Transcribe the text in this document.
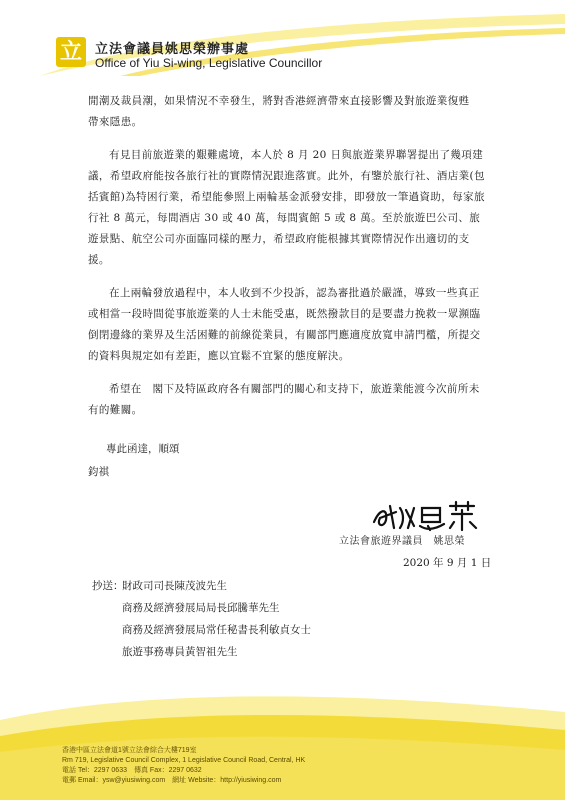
立 立法會議員姚思榮辦事處
Office of Yiu Si-wing, Legislative Councillor

閒潮及裁員潮，如果情況不幸發生，將對香港經濟帶來直接影響及對旅遊業復甦
帶來隱患。

有見目前旅遊業的艱難處境，本人於 8 月 20 日與旅遊業界聯署提出了幾項建議，希望政府能按各旅行社的實際情況跟進落實。此外，有鑒於旅行社、酒店業(包括賓館)為特困行業，希望能參照上兩輪基金派發安排，即發放一筆過資助，每家旅行社 8 萬元，每間酒店 30 或 40 萬，每間賓館 5 或 8 萬。至於旅遊巴公司、旅遊景點、航空公司亦面臨同樣的壓力，希望政府能根據其實際情況作出適切的支援。

在上兩輪發放過程中，本人收到不少投訴，認為審批過於嚴謹，導致一些真正或相當一段時間從事旅遊業的人士未能受惠，既然撥款目的是要盡力挽救一眾瀕臨倒閉邊緣的業界及生活困難的前線從業員，有關部門應適度放寬申請門檻，所提交的資料與規定如有差距，應以宜鬆不宜緊的態度解決。

希望在　閣下及特區政府各有關部門的關心和支持下，旅遊業能渡今次前所未有的難關。

專此函達，順頌
鈞祺
立法會旅遊界議員　姚思榮
2020 年 9 月 1 日
抄送：
財政司司長陳茂波先生
商務及經濟發展局局長邱騰華先生
商務及經濟發展局常任秘書長利敏貞女士
旅遊事務專員黃智祖先生
香港中區立法會道1號立法會綜合大樓719室
Rm 719, Legislative Council Complex, 1 Legislative Council Road, Central, HK
電話 Tel：2297 0633　傳真 Fax：2297 0632
電郵 Email：ysw@yiusiwing.com　網址 Website：http://yiusiwing.com
